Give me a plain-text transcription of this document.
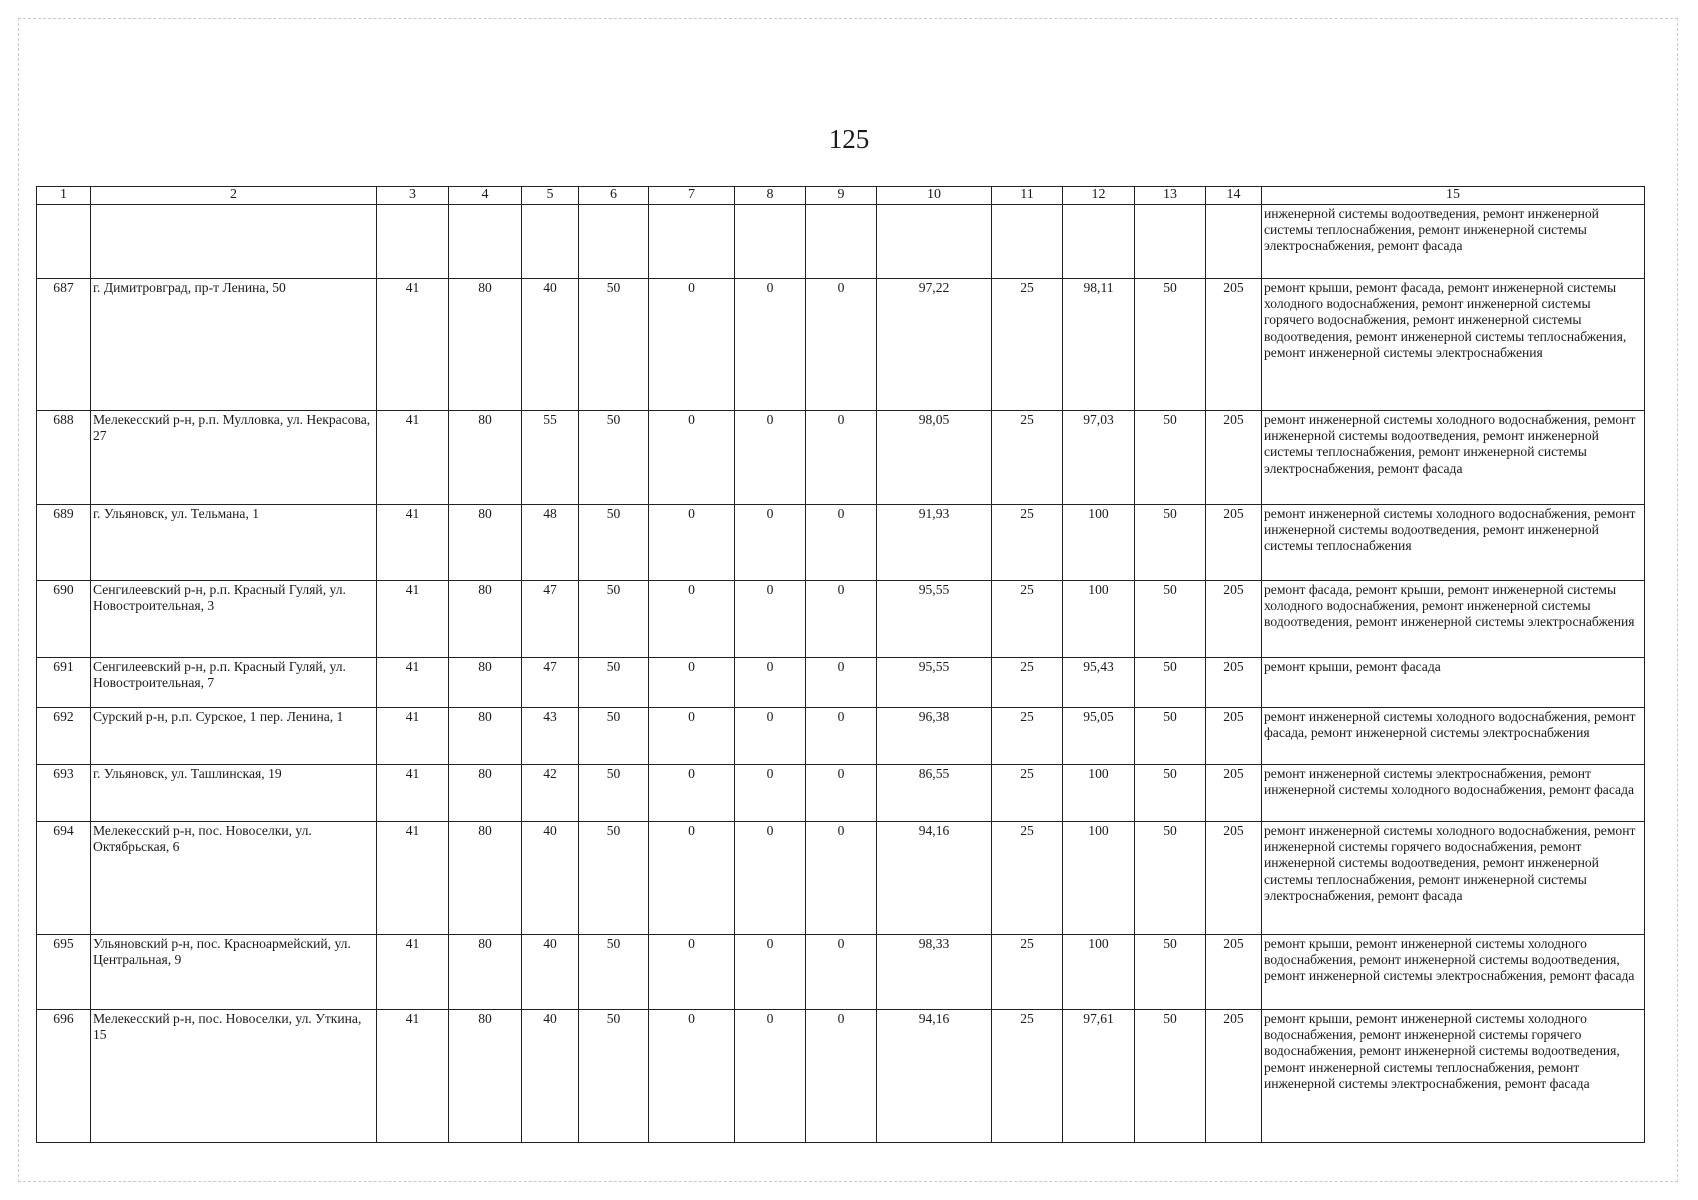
125
1	2	3	4	5	6	7	8	9	10	11	12	13	14	15
														инженерной системы водоотведения, ремонт инженерной системы теплоснабжения, ремонт инженерной системы электроснабжения, ремонт фасада
687	г. Димитровград, пр-т Ленина, 50	41	80	40	50	0	0	0	97,22	25	98,11	50	205	ремонт крыши, ремонт фасада, ремонт инженерной системы холодного водоснабжения, ремонт инженерной системы горячего водоснабжения, ремонт инженерной системы водоотведения, ремонт инженерной системы теплоснабжения, ремонт инженерной системы электроснабжения
688	Мелекесский р-н, р.п. Мулловка, ул. Некрасова, 27	41	80	55	50	0	0	0	98,05	25	97,03	50	205	ремонт инженерной системы холодного водоснабжения, ремонт инженерной системы водоотведения, ремонт инженерной системы теплоснабжения, ремонт инженерной системы электроснабжения, ремонт фасада
689	г. Ульяновск, ул. Тельмана, 1	41	80	48	50	0	0	0	91,93	25	100	50	205	ремонт инженерной системы холодного водоснабжения, ремонт инженерной системы водоотведения, ремонт инженерной системы теплоснабжения
690	Сенгилеевский р-н, р.п. Красный Гуляй, ул. Новостроительная, 3	41	80	47	50	0	0	0	95,55	25	100	50	205	ремонт фасада, ремонт крыши, ремонт инженерной системы холодного водоснабжения, ремонт инженерной системы водоотведения, ремонт инженерной системы электроснабжения
691	Сенгилеевский р-н, р.п. Красный Гуляй, ул. Новостроительная, 7	41	80	47	50	0	0	0	95,55	25	95,43	50	205	ремонт крыши, ремонт фасада
692	Сурский р-н, р.п. Сурское, 1 пер. Ленина, 1	41	80	43	50	0	0	0	96,38	25	95,05	50	205	ремонт инженерной системы холодного водоснабжения, ремонт фасада, ремонт инженерной системы электроснабжения
693	г. Ульяновск, ул. Ташлинская, 19	41	80	42	50	0	0	0	86,55	25	100	50	205	ремонт инженерной системы электроснабжения, ремонт инженерной системы холодного водоснабжения, ремонт фасада
694	Мелекесский р-н, пос. Новоселки, ул. Октябрьская, 6	41	80	40	50	0	0	0	94,16	25	100	50	205	ремонт инженерной системы холодного водоснабжения, ремонт инженерной системы горячего водоснабжения, ремонт инженерной системы водоотведения, ремонт инженерной системы теплоснабжения, ремонт инженерной системы электроснабжения, ремонт фасада
695	Ульяновский р-н, пос. Красноармейский, ул. Центральная, 9	41	80	40	50	0	0	0	98,33	25	100	50	205	ремонт крыши, ремонт инженерной системы холодного водоснабжения, ремонт инженерной системы водоотведения, ремонт инженерной системы электроснабжения, ремонт фасада
696	Мелекесский р-н, пос. Новоселки, ул. Уткина, 15	41	80	40	50	0	0	0	94,16	25	97,61	50	205	ремонт крыши, ремонт инженерной системы холодного водоснабжения, ремонт инженерной системы горячего водоснабжения, ремонт инженерной системы водоотведения, ремонт инженерной системы теплоснабжения, ремонт инженерной системы электроснабжения, ремонт фасада
